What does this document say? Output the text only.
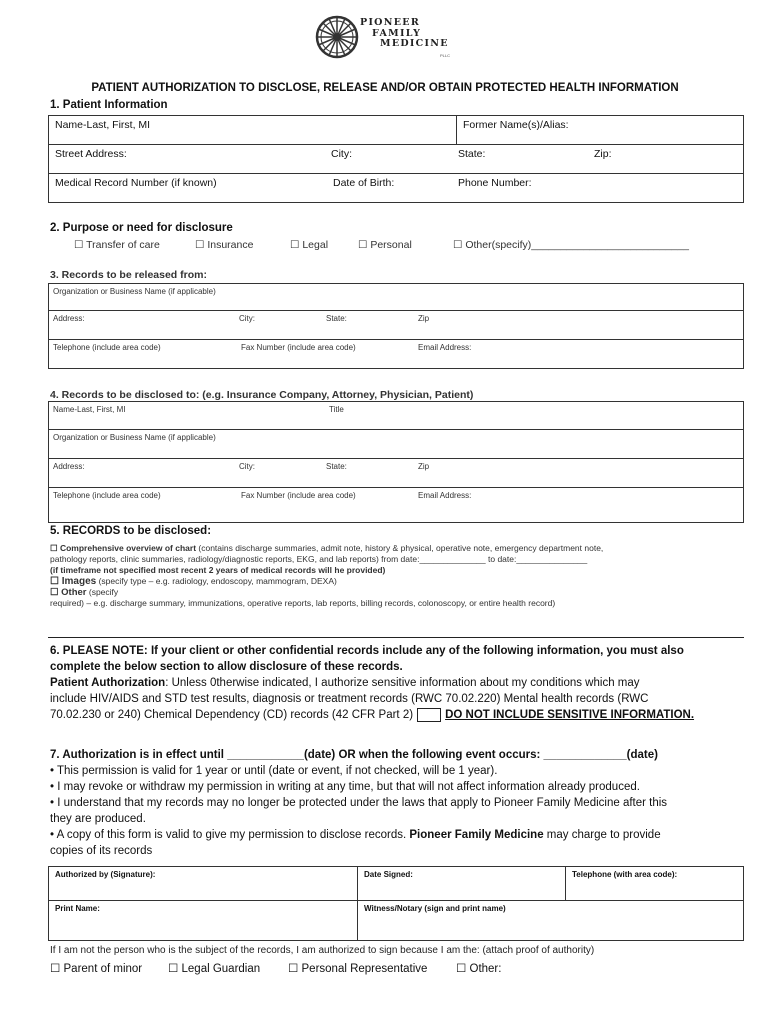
PIONEER
FAMILY
MEDICINE
PLLC
PATIENT AUTHORIZATION TO DISCLOSE, RELEASE AND/OR OBTAIN PROTECTED HEALTH INFORMATION
1. Patient Information
Name-Last, First, MI	Former Name(s)/Alias:

Street Address:	City:	State:	Zip:

Medical Record Number (if known)	Date of Birth:	Phone Number:
2. Purpose or need for disclosure
☐ Transfer of care	☐ Insurance	☐ Legal	☐ Personal	☐ Other(specify)___________________________
3. Records to be released from:
Organization or Business Name (if applicable)

Address:	City:	State:	Zip

Telephone (include area code)	Fax Number (include area code)	Email Address:
4. Records to be disclosed to: (e.g. Insurance Company, Attorney, Physician, Patient)
Name-Last, First, MI	Title

Organization or Business Name (if applicable)

Address:	City:	State:	Zip

Telephone (include area code)	Fax Number (include area code)	Email Address:
5. RECORDS to be disclosed:
☐ Comprehensive overview of chart (contains discharge summaries, admit note, history & physical, operative note, emergency department note,
pathology reports, clinic summaries, radiology/diagnostic reports, EKG, and lab reports) from date:______________ to date:_______________
(if timeframe not specified most recent 2 years of medical records will he provided)
☐ Images (specify type – e.g. radiology, endoscopy, mammogram, DEXA)
☐ Other (specify
required) – e.g. discharge summary, immunizations, operative reports, lab reports, billing records, colonoscopy, or entire health record)
6. PLEASE NOTE: If your client or other confidential records include any of the following information, you must also
complete the below section to allow disclosure of these records.
Patient Authorization: Unless 0therwise indicated, I authorize sensitive information about my conditions which may
include HIV/AIDS and STD test results, diagnosis or treatment records (RWC 70.02.220) Mental health records (RWC
70.02.230 or 240) Chemical Dependency (CD) records (42 CFR Part 2)	DO NOT INCLUDE SENSITIVE INFORMATION.
7. Authorization is in effect until ____________(date) OR when the following event occurs: _____________(date)
• This permission is valid for 1 year or until (date or event, if not checked, will be 1 year).
• I may revoke or withdraw my permission in writing at any time, but that will not affect information already produced.
• I understand that my records may no longer be protected under the laws that apply to Pioneer Family Medicine after this
they are produced.
• A copy of this form is valid to give my permission to disclose records. Pioneer Family Medicine may charge to provide
copies of its records
Authorized by (Signature):	Date Signed:	Telephone (with area code):
Print Name:	Witness/Notary (sign and print name)	
If I am not the person who is the subject of the records, I am authorized to sign because I am the: (attach proof of authority)
☐ Parent of minor ☐ Legal Guardian ☐ Personal Representative ☐ Other:
